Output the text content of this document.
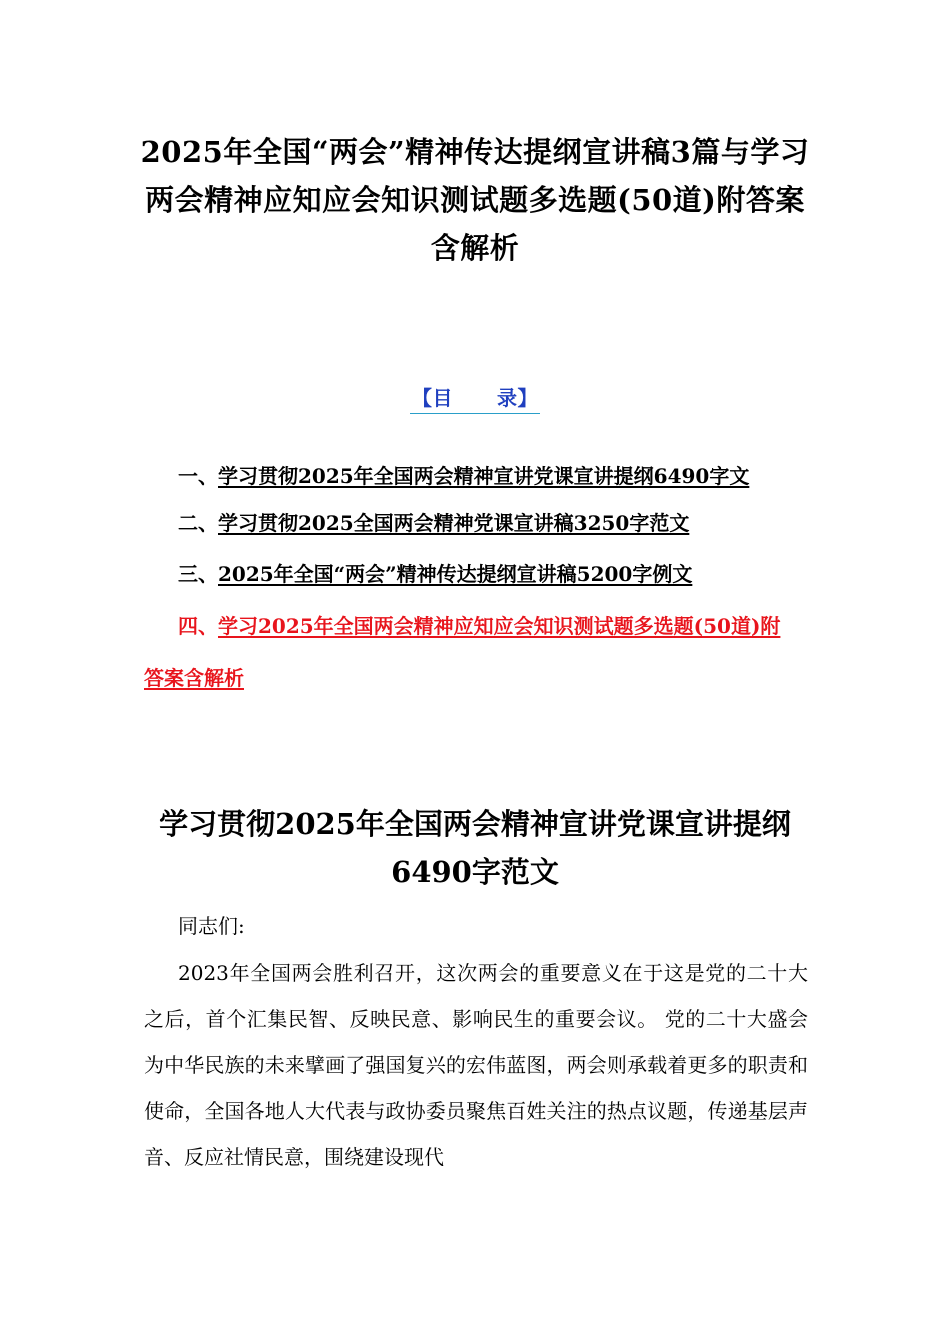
2025年全国“两会”精神传达提纲宣讲稿3篇与学习两会精神应知应会知识测试题多选题(50道)附答案含解析
【目 录】
一、学习贯彻2025年全国两会精神宣讲党课宣讲提纲6490字文
二、学习贯彻2025全国两会精神党课宣讲稿3250字范文
三、2025年全国“两会”精神传达提纲宣讲稿5200字例文
四、学习2025年全国两会精神应知应会知识测试题多选题(50道)附答案含解析
学习贯彻2025年全国两会精神宣讲党课宣讲提纲6490字范文

同志们:

2023年全国两会胜利召开，这次两会的重要意义在于这是党的二十大之后，首个汇集民智、反映民意、影响民生的重要会议。 党的二十大盛会为中华民族的未来擘画了强国复兴的宏伟蓝图，两会则承载着更多的职责和使命，全国各地人大代表与政协委员聚焦百姓关注的热点议题，传递基层声音、反应社情民意，围绕建设现代
